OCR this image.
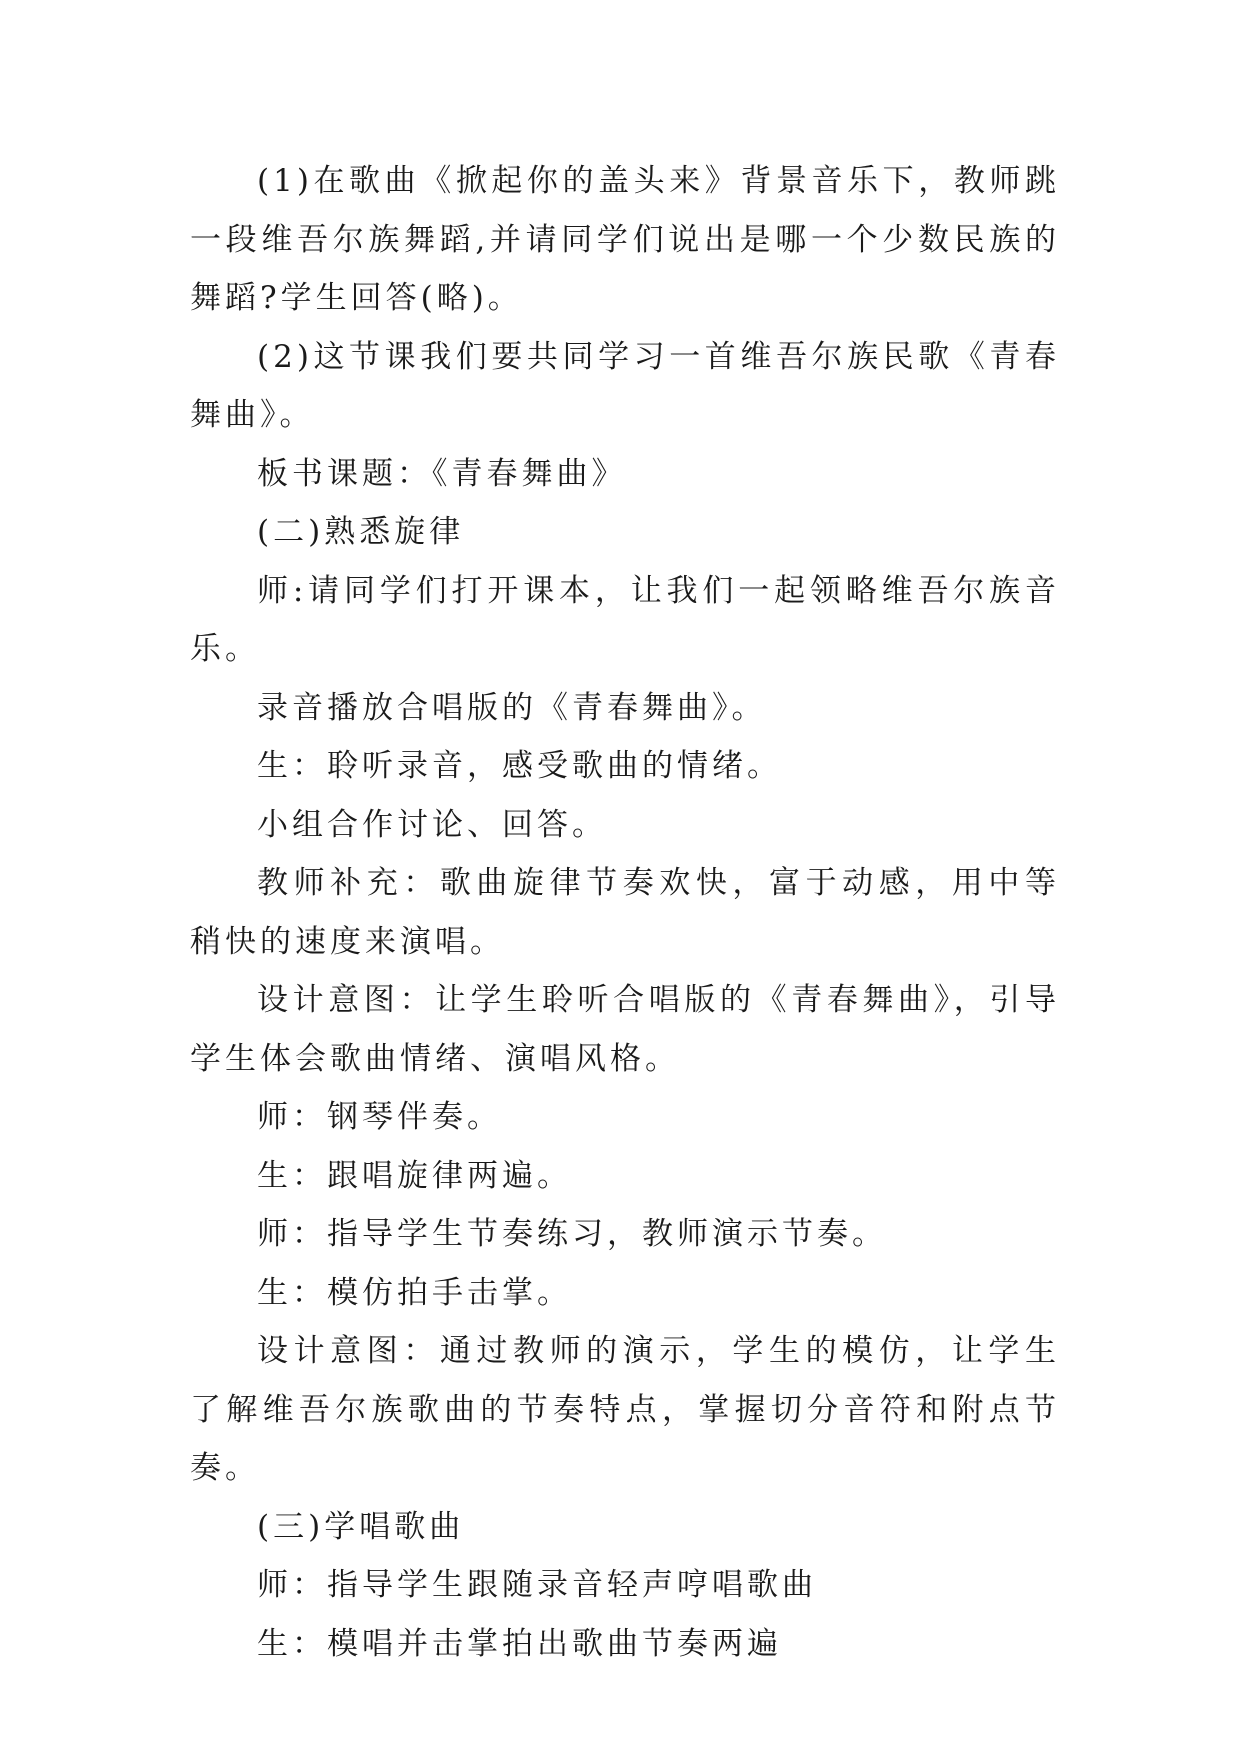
(1)在歌曲《掀起你的盖头来》背景音乐下，教师跳一段维吾尔族舞蹈,并请同学们说出是哪一个少数民族的舞蹈?学生回答(略)。

(2)这节课我们要共同学习一首维吾尔族民歌《青春舞曲》。

板书课题：《青春舞曲》

(二)熟悉旋律

师:请同学们打开课本，让我们一起领略维吾尔族音乐。

录音播放合唱版的《青春舞曲》。

生：聆听录音，感受歌曲的情绪。

小组合作讨论、回答。

教师补充：歌曲旋律节奏欢快，富于动感，用中等稍快的速度来演唱。

设计意图：让学生聆听合唱版的《青春舞曲》，引导学生体会歌曲情绪、演唱风格。

师：钢琴伴奏。

生：跟唱旋律两遍。

师：指导学生节奏练习，教师演示节奏。

生：模仿拍手击掌。

设计意图：通过教师的演示，学生的模仿，让学生了解维吾尔族歌曲的节奏特点，掌握切分音符和附点节奏。

(三)学唱歌曲

师：指导学生跟随录音轻声哼唱歌曲

生：模唱并击掌拍出歌曲节奏两遍
